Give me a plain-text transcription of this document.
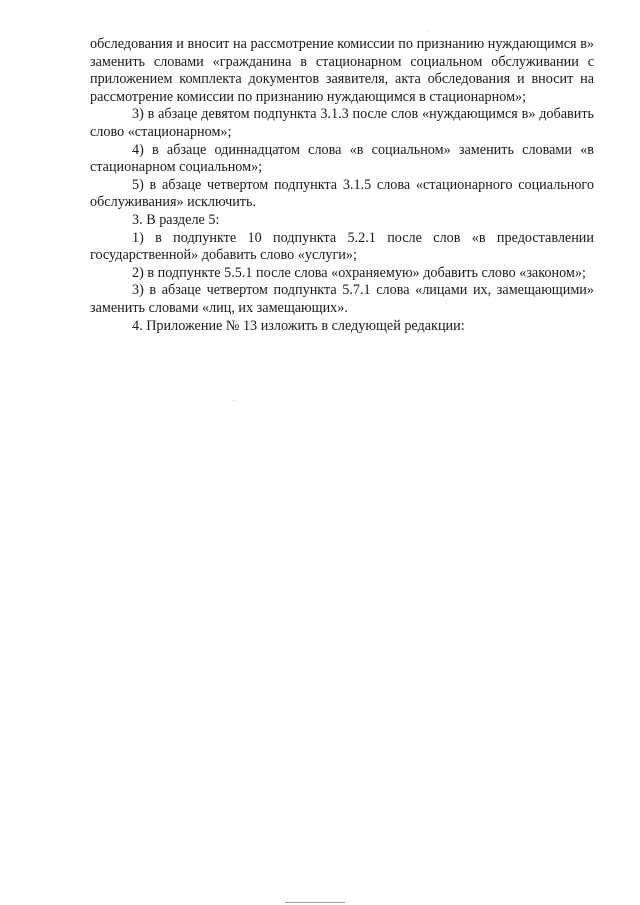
обследования и вносит на рассмотрение комиссии по признанию нуждающимся в» заменить словами «гражданина в стационарном социальном обслуживании с приложением комплекта документов заявителя, акта обследования и вносит на рассмотрение комиссии по признанию нуждающимся в стационарном»;

3) в абзаце девятом подпункта 3.1.3 после слов «нуждающимся в» добавить слово «стационарном»;

4) в абзаце одиннадцатом слова «в социальном» заменить словами «в стационарном социальном»;

5) в абзаце четвертом подпункта 3.1.5 слова «стационарного социального обслуживания» исключить.

3. В разделе 5:

1) в подпункте 10 подпункта 5.2.1 после слов «в предоставлении государственной» добавить слово «услуги»;

2) в подпункте 5.5.1 после слова «охраняемую» добавить слово «законом»;

3) в абзаце четвертом подпункта 5.7.1 слова «лицами их, замещающими» заменить словами «лиц, их замещающих».

4. Приложение № 13 изложить в следующей редакции:
